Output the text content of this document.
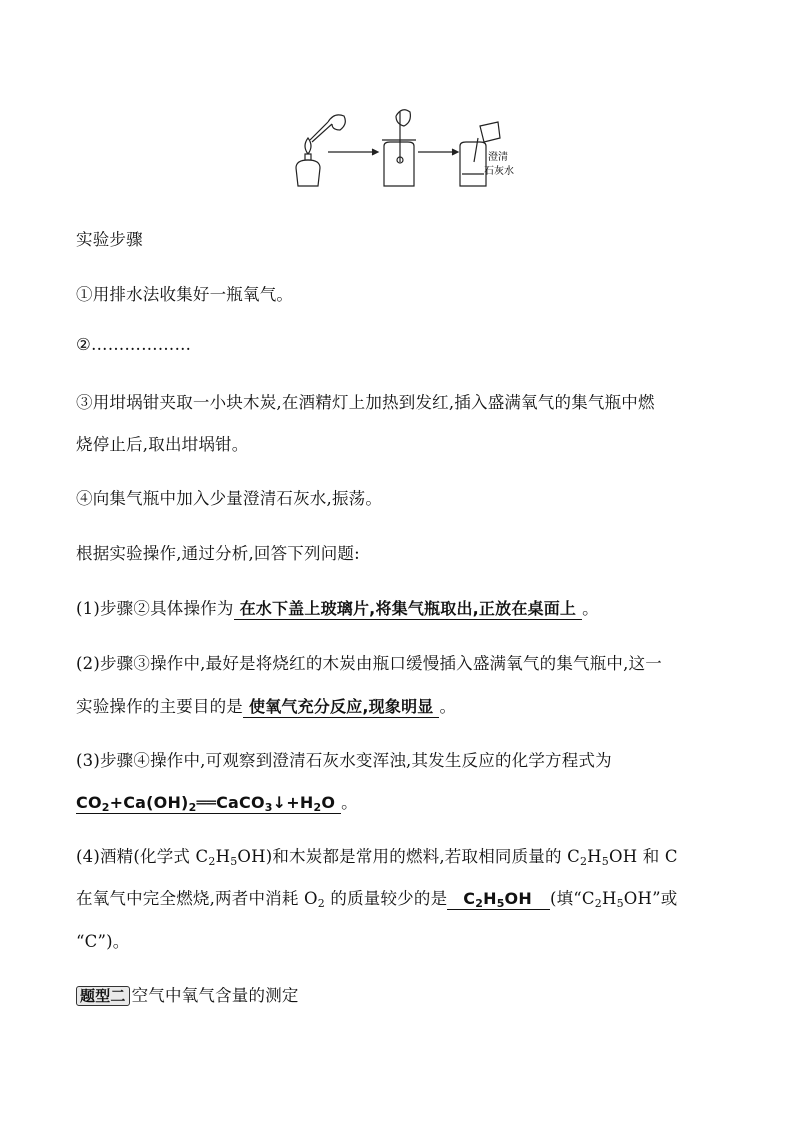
澄清
石灰水
实验步骤
①用排水法收集好一瓶氧气。
②………………
③用坩埚钳夹取一小块木炭,在酒精灯上加热到发红,插入盛满氧气的集气瓶中燃
烧停止后,取出坩埚钳。
④向集气瓶中加入少量澄清石灰水,振荡。
根据实验操作,通过分析,回答下列问题:
(1)步骤②具体操作为 在水下盖上玻璃片,将集气瓶取出,正放在桌面上 。
(2)步骤③操作中,最好是将烧红的木炭由瓶口缓慢插入盛满氧气的集气瓶中,这一
实验操作的主要目的是 使氧气充分反应,现象明显 。
(3)步骤④操作中,可观察到澄清石灰水变浑浊,其发生反应的化学方程式为
$CO_2+Ca(OH)_2══CaCO_3↓+H_2O$ 。
(4)酒精(化学式 $C_2H_5OH$)和木炭都是常用的燃料,若取相同质量的 $C_2H_5OH$ 和 C
在氧气中完全燃烧,两者中消耗 $O_2$ 的质量较少的是 $C_2H_5OH$ (填“$C_2H_5OH$”或
“C”)。
题型二 空气中氧气含量的测定
